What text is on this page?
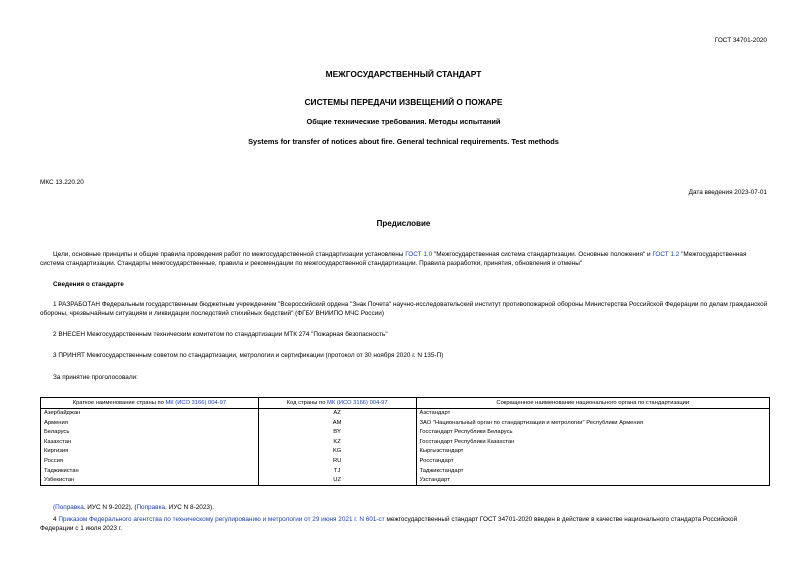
ГОСТ 34701-2020
МЕЖГОСУДАРСТВЕННЫЙ СТАНДАРТ
СИСТЕМЫ ПЕРЕДАЧИ ИЗВЕЩЕНИЙ О ПОЖАРЕ
Общие технические требования. Методы испытаний
Systems for transfer of notices about fire. General technical requirements. Test methods
МКС 13.220.20
Дата введения 2023-07-01
Предисловие
Цели, основные принципы и общие правила проведения работ по межгосударственной стандартизации установлены ГОСТ 1.0 "Межгосударственная система стандартизации. Основные положения" и ГОСТ 1.2 "Межгосударственная система стандартизации. Стандарты межгосударственные, правила и рекомендации по межгосударственной стандартизации. Правила разработки, принятия, обновления и отмены"
Сведения о стандарте
1 РАЗРАБОТАН Федеральным государственным бюджетным учреждением "Всероссийский ордена "Знак Почета" научно-исследовательский институт противопожарной обороны Министерства Российской Федерации по делам гражданской обороны, чрезвычайным ситуациям и ликвидации последствий стихийных бедствий" (ФГБУ ВНИИПО МЧС России)
2 ВНЕСЕН Межгосударственным техническим комитетом по стандартизации МТК 274 "Пожарная безопасность"
3 ПРИНЯТ Межгосударственным советом по стандартизации, метрологии и сертификации (протокол от 30 ноября 2020 г. N 135-П)
За принятие проголосовали:
Краткое наименование страны по МК (ИСО 3166) 004-97	Код страны по МК (ИСО 3166) 004-97	Сокращенное наименование национального органа по стандартизации
Азербайджан	AZ	Азстандарт
Армения	AM	ЗАО "Национальный орган по стандартизации и метрологии" Республики Армения
Беларусь	BY	Госстандарт Республики Беларусь
Казахстан	KZ	Госстандарт Республики Казахстан
Киргизия	KG	Кыргызстандарт
Россия	RU	Росстандарт
Таджикистан	TJ	Таджикстандарт
Узбекистан	UZ	Узстандарт
(Поправка. ИУС N 9-2022), (Поправка. ИУС N 8-2023).
4 Приказом Федерального агентства по техническому регулированию и метрологии от 29 июня 2021 г. N 601-ст межгосударственный стандарт ГОСТ 34701-2020 введен в действие в качестве национального стандарта Российской Федерации с 1 июля 2023 г.
